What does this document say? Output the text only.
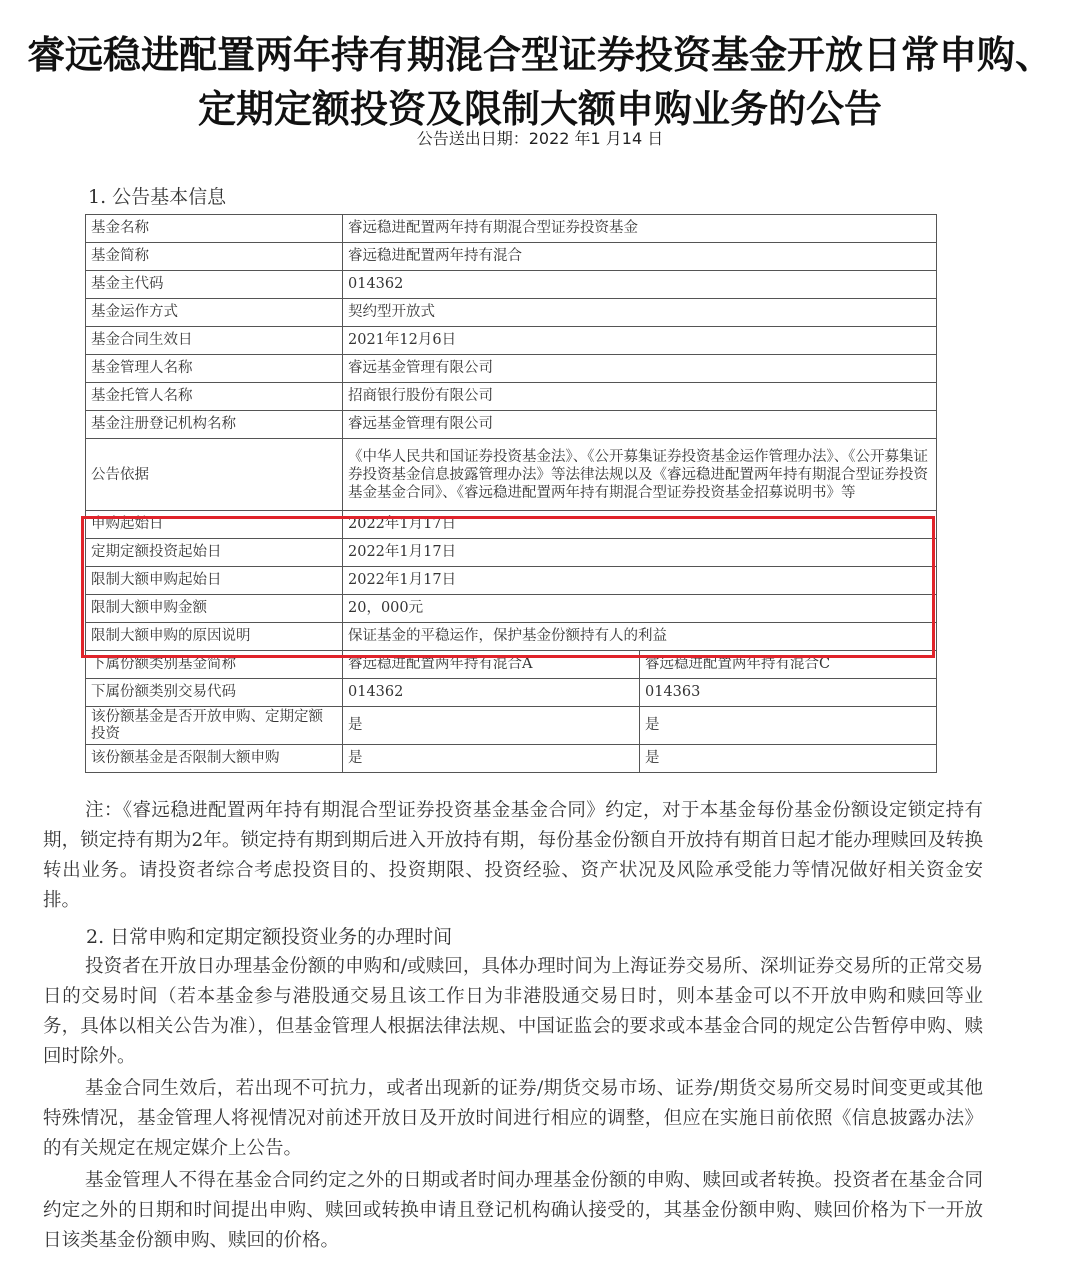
睿远稳进配置两年持有期混合型证券投资基金开放日常申购、
定期定额投资及限制大额申购业务的公告
公告送出日期：2022 年1 月14 日
1. 公告基本信息
基金名称	睿远稳进配置两年持有期混合型证券投资基金	
基金简称	睿远稳进配置两年持有混合	
基金主代码	014362	
基金运作方式	契约型开放式	
基金合同生效日	2021年12月6日	
基金管理人名称	睿远基金管理有限公司	
基金托管人名称	招商银行股份有限公司	
基金注册登记机构名称	睿远基金管理有限公司	
公告依据	《中华人民共和国证券投资基金法》、《公开募集证券投资基金运作管理办法》、《公开募集证券投资基金信息披露管理办法》等法律法规以及《睿远稳进配置两年持有期混合型证券投资基金基金合同》、《睿远稳进配置两年持有期混合型证券投资基金招募说明书》等	
申购起始日	2022年1月17日	
定期定额投资起始日	2022年1月17日	
限制大额申购起始日	2022年1月17日	
限制大额申购金额	20，000元	
限制大额申购的原因说明	保证基金的平稳运作，保护基金份额持有人的利益	
下属份额类别基金简称	睿远稳进配置两年持有混合A	睿远稳进配置两年持有混合C
下属份额类别交易代码	014362	014363
该份额基金是否开放申购、定期定额投资	是	是
该份额基金是否限制大额申购	是	是
注：《睿远稳进配置两年持有期混合型证券投资基金基金合同》约定，对于本基金每份基金份额设定锁定持有期，锁定持有期为2年。锁定持有期到期后进入开放持有期，每份基金份额自开放持有期首日起才能办理赎回及转换转出业务。请投资者综合考虑投资目的、投资期限、投资经验、资产状况及风险承受能力等情况做好相关资金安排。
2. 日常申购和定期定额投资业务的办理时间
投资者在开放日办理基金份额的申购和/或赎回，具体办理时间为上海证券交易所、深圳证券交易所的正常交易日的交易时间（若本基金参与港股通交易且该工作日为非港股通交易日时，则本基金可以不开放申购和赎回等业务，具体以相关公告为准），但基金管理人根据法律法规、中国证监会的要求或本基金合同的规定公告暂停申购、赎回时除外。
基金合同生效后，若出现不可抗力，或者出现新的证券/期货交易市场、证券/期货交易所交易时间变更或其他特殊情况，基金管理人将视情况对前述开放日及开放时间进行相应的调整，但应在实施日前依照《信息披露办法》的有关规定在规定媒介上公告。
基金管理人不得在基金合同约定之外的日期或者时间办理基金份额的申购、赎回或者转换。投资者在基金合同约定之外的日期和时间提出申购、赎回或转换申请且登记机构确认接受的，其基金份额申购、赎回价格为下一开放日该类基金份额申购、赎回的价格。
